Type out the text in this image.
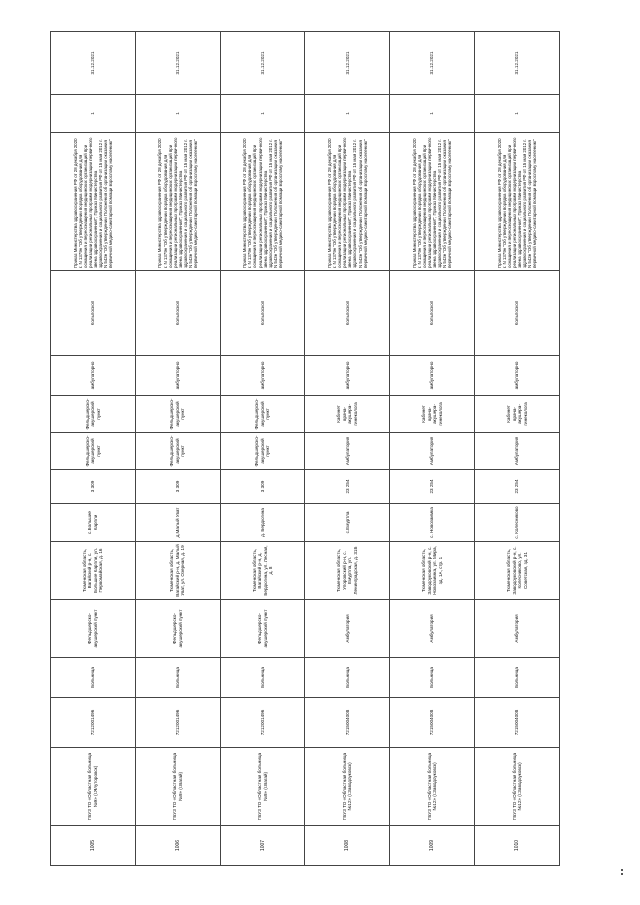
1005	ГБУЗ ТО «Областная больница №9» (г.Ялуторовск)	7212001496	Больница	Фельдшерско-акушерский пункт	Тюменская область, Вагайский р-н, с. Большие Карпли, ул. Первомайская, д. 16	с.Большие Карпли	3 309	Фельдшерско-акушерский пункт	Фельдшерско-акушерский пункт	амбулаторно	Кольпоскоп	Приказ Министерства здравоохранения РФ от 28 декабря 2020 г. N 1379н "Об утверждении порядка оборудования для оснащения и переоснащения медицинских организаций при реализации региональных программ модернизации первичного звена здравоохранения"; Приказ Министерства здравоохранения и социального развития РФ от 15 мая 2012 г. N 543н "Об утверждении Положения об организации оказания первичной медико-санитарной помощи взрослому населению"	1	31.12.2021
1006	ГБУЗ ТО «Областная больница №9» (г.Вагай)	7212001496	Больница	Фельдшерско-акушерский пункт	Тюменская область, Вагайский р-н, д. Малый Уват, ул. Озерная, д. 19	д.Малый Уват	3 309	Фельдшерско-акушерский пункт	Фельдшерско-акушерский пункт	амбулаторно	Кольпоскоп	Приказ Министерства здравоохранения РФ от 28 декабря 2020 г. N 1379н "Об утверждении порядка оборудования для оснащения и переоснащения медицинских организаций при реализации региональных программ модернизации первичного звена здравоохранения"; Приказ Министерства здравоохранения и социального развития РФ от 15 мая 2012 г. N 543н "Об утверждении Положения об организации оказания первичной медико-санитарной помощи взрослому населению"	1	31.12.2021
1007	ГБУЗ ТО «Областная больница №9» (г.Вагай)	7212001496	Больница	Фельдшерско-акушерский пункт	Тюменская область, Вагайский р-н, д. Бердюгина, ул. Лесная, д. 8	д. Бердюгина	3 309	Фельдшерско-акушерский пункт	Фельдшерско-акушерский пункт	амбулаторно	Кольпоскоп	Приказ Министерства здравоохранения РФ от 28 декабря 2020 г. N 1379н "Об утверждении порядка оборудования для оснащения и переоснащения медицинских организаций при реализации региональных программ модернизации первичного звена здравоохранения"; Приказ Министерства здравоохранения и социального развития РФ от 15 мая 2012 г. N 543н "Об утверждении Положения об организации оказания первичной медико-санитарной помощи взрослому населению"	1	31.12.2021
1008	ГБУЗ ТО «Областная больница №12» (г.Заводоуковск)	7215004008	Больница	Амбулатория	Тюменская область, Упоровский р-н, с. Емуртла, ул. Ленинградская, д. 31Б	с.Емуртла	23 254	Амбулатория	Кабинет врача-акушера-гинеколога	амбулаторно	Кольпоскоп	Приказ Министерства здравоохранения РФ от 28 декабря 2020 г. N 1379н "Об утверждении порядка оборудования для оснащения и переоснащения медицинских организаций при реализации региональных программ модернизации первичного звена здравоохранения"; Приказ Министерства здравоохранения и социального развития РФ от 15 мая 2012 г. N 543н "Об утверждении Положения об организации оказания первичной медико-санитарной помощи взрослому населению"	1	31.12.2021
1009	ГБУЗ ТО «Областная больница №12» (г.Заводоуковск)	7215004008	Больница	Амбулатория	Тюменская область, Заводоуковский р-н, с. Новозаимка, ул. Мира, зд. 1А, стр. 1	с. Новозаимка	23 254	Амбулатория	Кабинет врача-акушера-гинеколога	амбулаторно	Кольпоскоп	Приказ Министерства здравоохранения РФ от 28 декабря 2020 г. N 1379н "Об утверждении порядка оборудования для оснащения и переоснащения медицинских организаций при реализации региональных программ модернизации первичного звена здравоохранения"; Приказ Министерства здравоохранения и социального развития РФ от 15 мая 2012 г. N 543н "Об утверждении Положения об организации оказания первичной медико-санитарной помощи взрослому населению"	1	31.12.2021
1010	ГБУЗ ТО «Областная больница №12» (г.Заводоуковск)	7215004008	Больница	Амбулатория	Тюменская область, Заводоуковский р-н, с. Колесниково, ул. Советская, зд. 31	с. Колесниково	23 254	Амбулатория	Кабинет врача-акушера-гинеколога	амбулаторно	Кольпоскоп	Приказ Министерства здравоохранения РФ от 28 декабря 2020 г. N 1379н "Об утверждении порядка оборудования для оснащения и переоснащения медицинских организаций при реализации региональных программ модернизации первичного звена здравоохранения"; Приказ Министерства здравоохранения и социального развития РФ от 15 мая 2012 г. N 543н "Об утверждении Положения об организации оказания первичной медико-санитарной помощи взрослому населению"	1	31.12.2021
